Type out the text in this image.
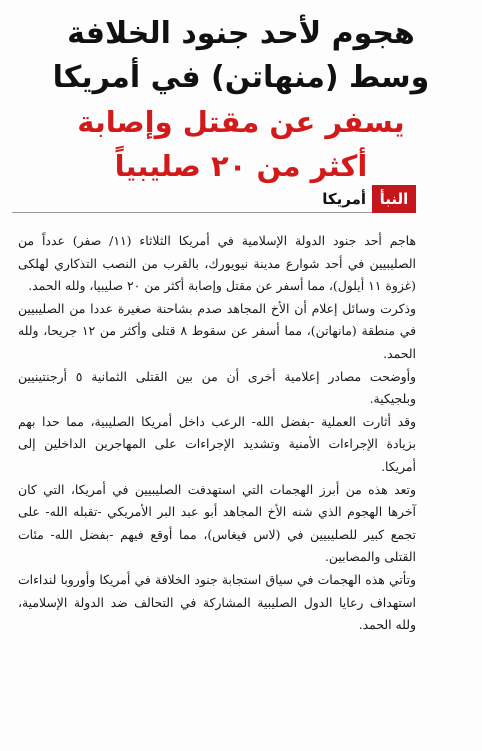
هجوم لأحد جنود الخلافة
وسط (منهاتن) في أمريكا
يسفر عن مقتل وإصابة
أكثر من ٢٠ صليبياً
النبأ
أمريكا

هاجم أحد جنود الدولة الإسلامية في أمريكا الثلاثاء (١١/ صفر) عدداً من الصليبيين في أحد شوارع مدينة نيويورك، بالقرب من النصب التذكاري لهلكى (غزوة ١١ أيلول)، مما أسفر عن مقتل وإصابة أكثر من ٢٠ صليبيا، ولله الحمد.

وذكرت وسائل إعلام أن الأخ المجاهد صدم بشاحنة صغيرة عددا من الصليبيين في منطقة (مانهاتن)، مما أسفر عن سقوط ٨ قتلى وأكثر من ١٢ جريحا، ولله الحمد.

وأوضحت مصادر إعلامية أخرى أن من بين القتلى الثمانية ٥ أرجنتينيين وبلجيكية.

وقد أثارت العملية -بفضل الله- الرعب داخل أمريكا الصليبية، مما حدا بهم بزيادة الإجراءات الأمنية وتشديد الإجراءات على المهاجرين الداخلين إلى أمريكا.

وتعد هذه من أبرز الهجمات التي استهدفت الصليبيين في أمريكا، التي كان آخرها الهجوم الذي شنه الأخ المجاهد أبو عبد البر الأمريكي -تقبله الله- على تجمع كبير للصليبيين في (لاس فيغاس)، مما أوقع فيهم -بفضل الله- مئات القتلى والمصابين.

وتأتي هذه الهجمات في سياق استجابة جنود الخلافة في أمريكا وأوروبا لنداءات استهداف رعايا الدول الصليبية المشاركة في التحالف ضد الدولة الإسلامية، ولله الحمد.
